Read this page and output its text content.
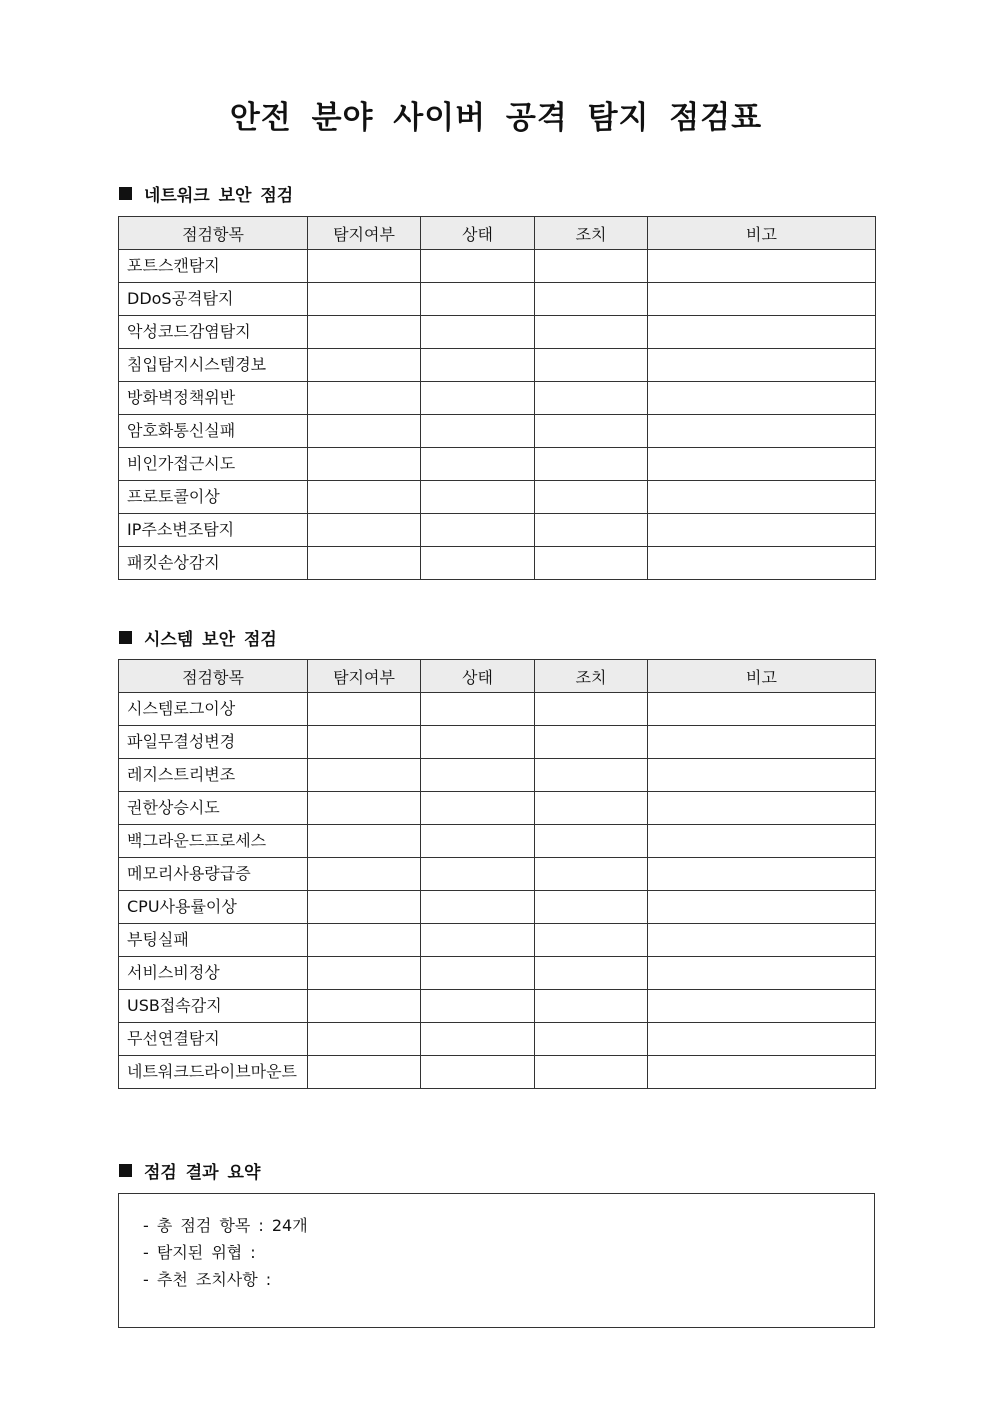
안전 분야 사이버 공격 탐지 점검표
네트워크 보안 점검
점검항목	탐지여부	상태	조치	비고
포트스캔탐지				
DDoS공격탐지				
악성코드감염탐지				
침입탐지시스템경보				
방화벽정책위반				
암호화통신실패				
비인가접근시도				
프로토콜이상				
IP주소변조탐지				
패킷손상감지				
시스템 보안 점검
점검항목	탐지여부	상태	조치	비고
시스템로그이상				
파일무결성변경				
레지스트리변조				
권한상승시도				
백그라운드프로세스				
메모리사용량급증				
CPU사용률이상				
부팅실패				
서비스비정상				
USB접속감지				
무선연결탐지				
네트워크드라이브마운트				
점검 결과 요약
- 총 점검 항목 : 24개
- 탐지된 위협 :
- 추천 조치사항 :
